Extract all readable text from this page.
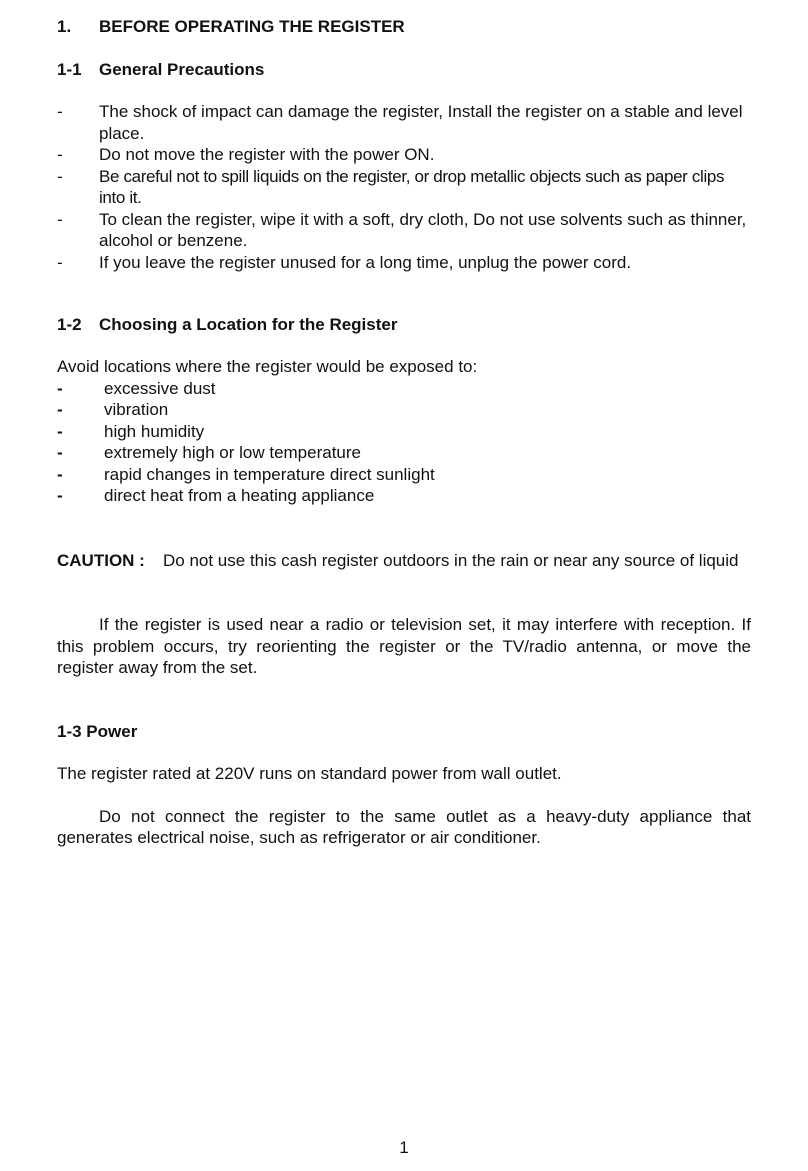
1. BEFORE OPERATING THE REGISTER
1-1 General Precautions
- The shock of impact can damage the register, Install the register on a stable and level place.
- Do not move the register with the power ON.
- Be careful not to spill liquids on the register, or drop metallic objects such as paper clips into it.
- To clean the register, wipe it with a soft, dry cloth, Do not use solvents such as thinner, alcohol or benzene.
- If you leave the register unused for a long time, unplug the power cord.
1-2 Choosing a Location for the Register
Avoid locations where the register would be exposed to:
- excessive dust
- vibration
- high humidity
- extremely high or low temperature
- rapid changes in temperature direct sunlight
- direct heat from a heating appliance
CAUTION : Do not use this cash register outdoors in the rain or near any source of liquid
If the register is used near a radio or television set, it may interfere with reception. If this problem occurs, try reorienting the register or the TV/radio antenna, or move the register away from the set.
1-3 Power
The register rated at 220V runs on standard power from wall outlet.
Do not connect the register to the same outlet as a heavy-duty appliance that generates electrical noise, such as refrigerator or air conditioner.
1
